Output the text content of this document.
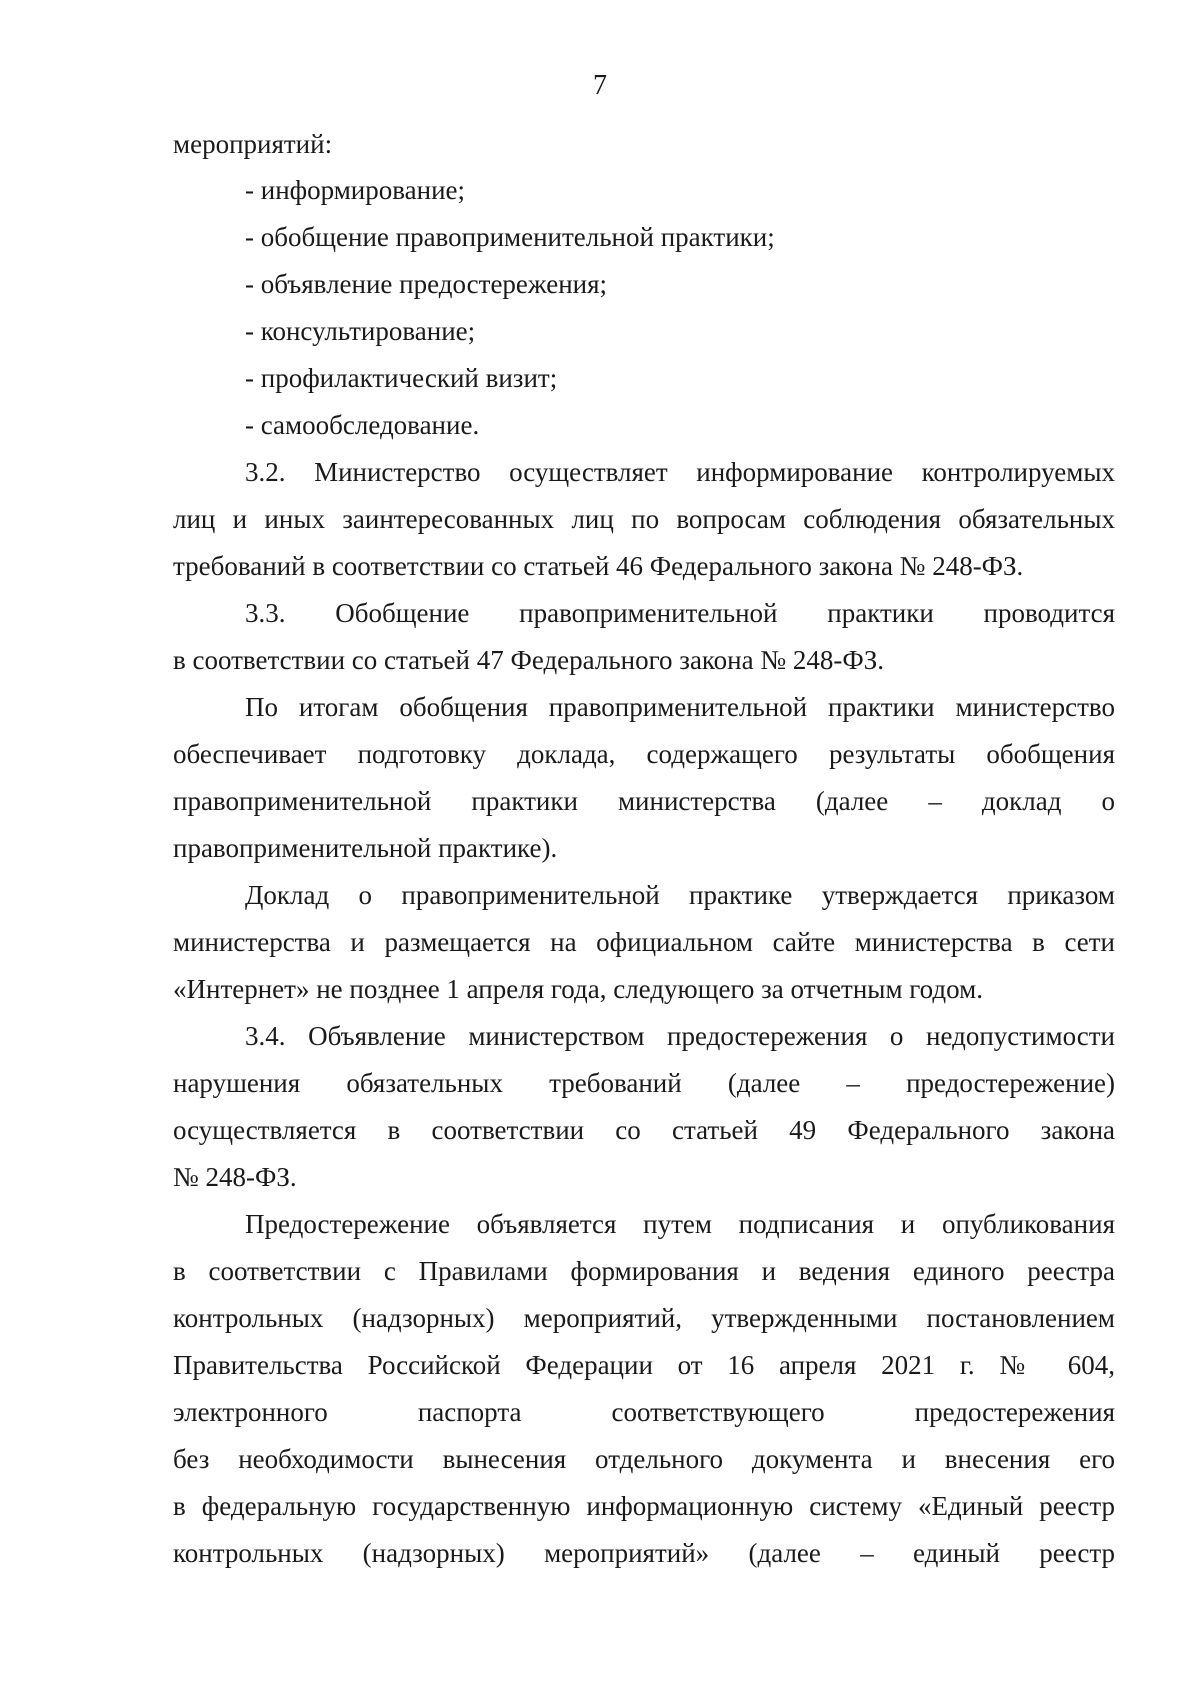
7
мероприятий:
- информирование;
- обобщение правоприменительной практики;
- объявление предостережения;
- консультирование;
- профилактический визит;
- самообследование.
3.2. Министерство осуществляет информирование контролируемых
лиц и иных заинтересованных лиц по вопросам соблюдения обязательных
требований в соответствии со статьей 46 Федерального закона № 248-ФЗ.
3.3. Обобщение правоприменительной практики проводится
в соответствии со статьей 47 Федерального закона № 248-ФЗ.
По итогам обобщения правоприменительной практики министерство
обеспечивает подготовку доклада, содержащего результаты обобщения
правоприменительной практики министерства (далее – доклад о
правоприменительной практике).
Доклад о правоприменительной практике утверждается приказом
министерства и размещается на официальном сайте министерства в сети
«Интернет» не позднее 1 апреля года, следующего за отчетным годом.
3.4. Объявление министерством предостережения о недопустимости
нарушения обязательных требований (далее – предостережение)
осуществляется в соответствии со статьей 49 Федерального закона
№ 248-ФЗ.
Предостережение объявляется путем подписания и опубликования
в соответствии с Правилами формирования и ведения единого реестра
контрольных (надзорных) мероприятий, утвержденными постановлением
Правительства Российской Федерации от 16 апреля 2021 г. № 604,
электронного паспорта соответствующего предостережения
без необходимости вынесения отдельного документа и внесения его
в федеральную государственную информационную систему «Единый реестр
контрольных (надзорных) мероприятий» (далее – единый реестр
